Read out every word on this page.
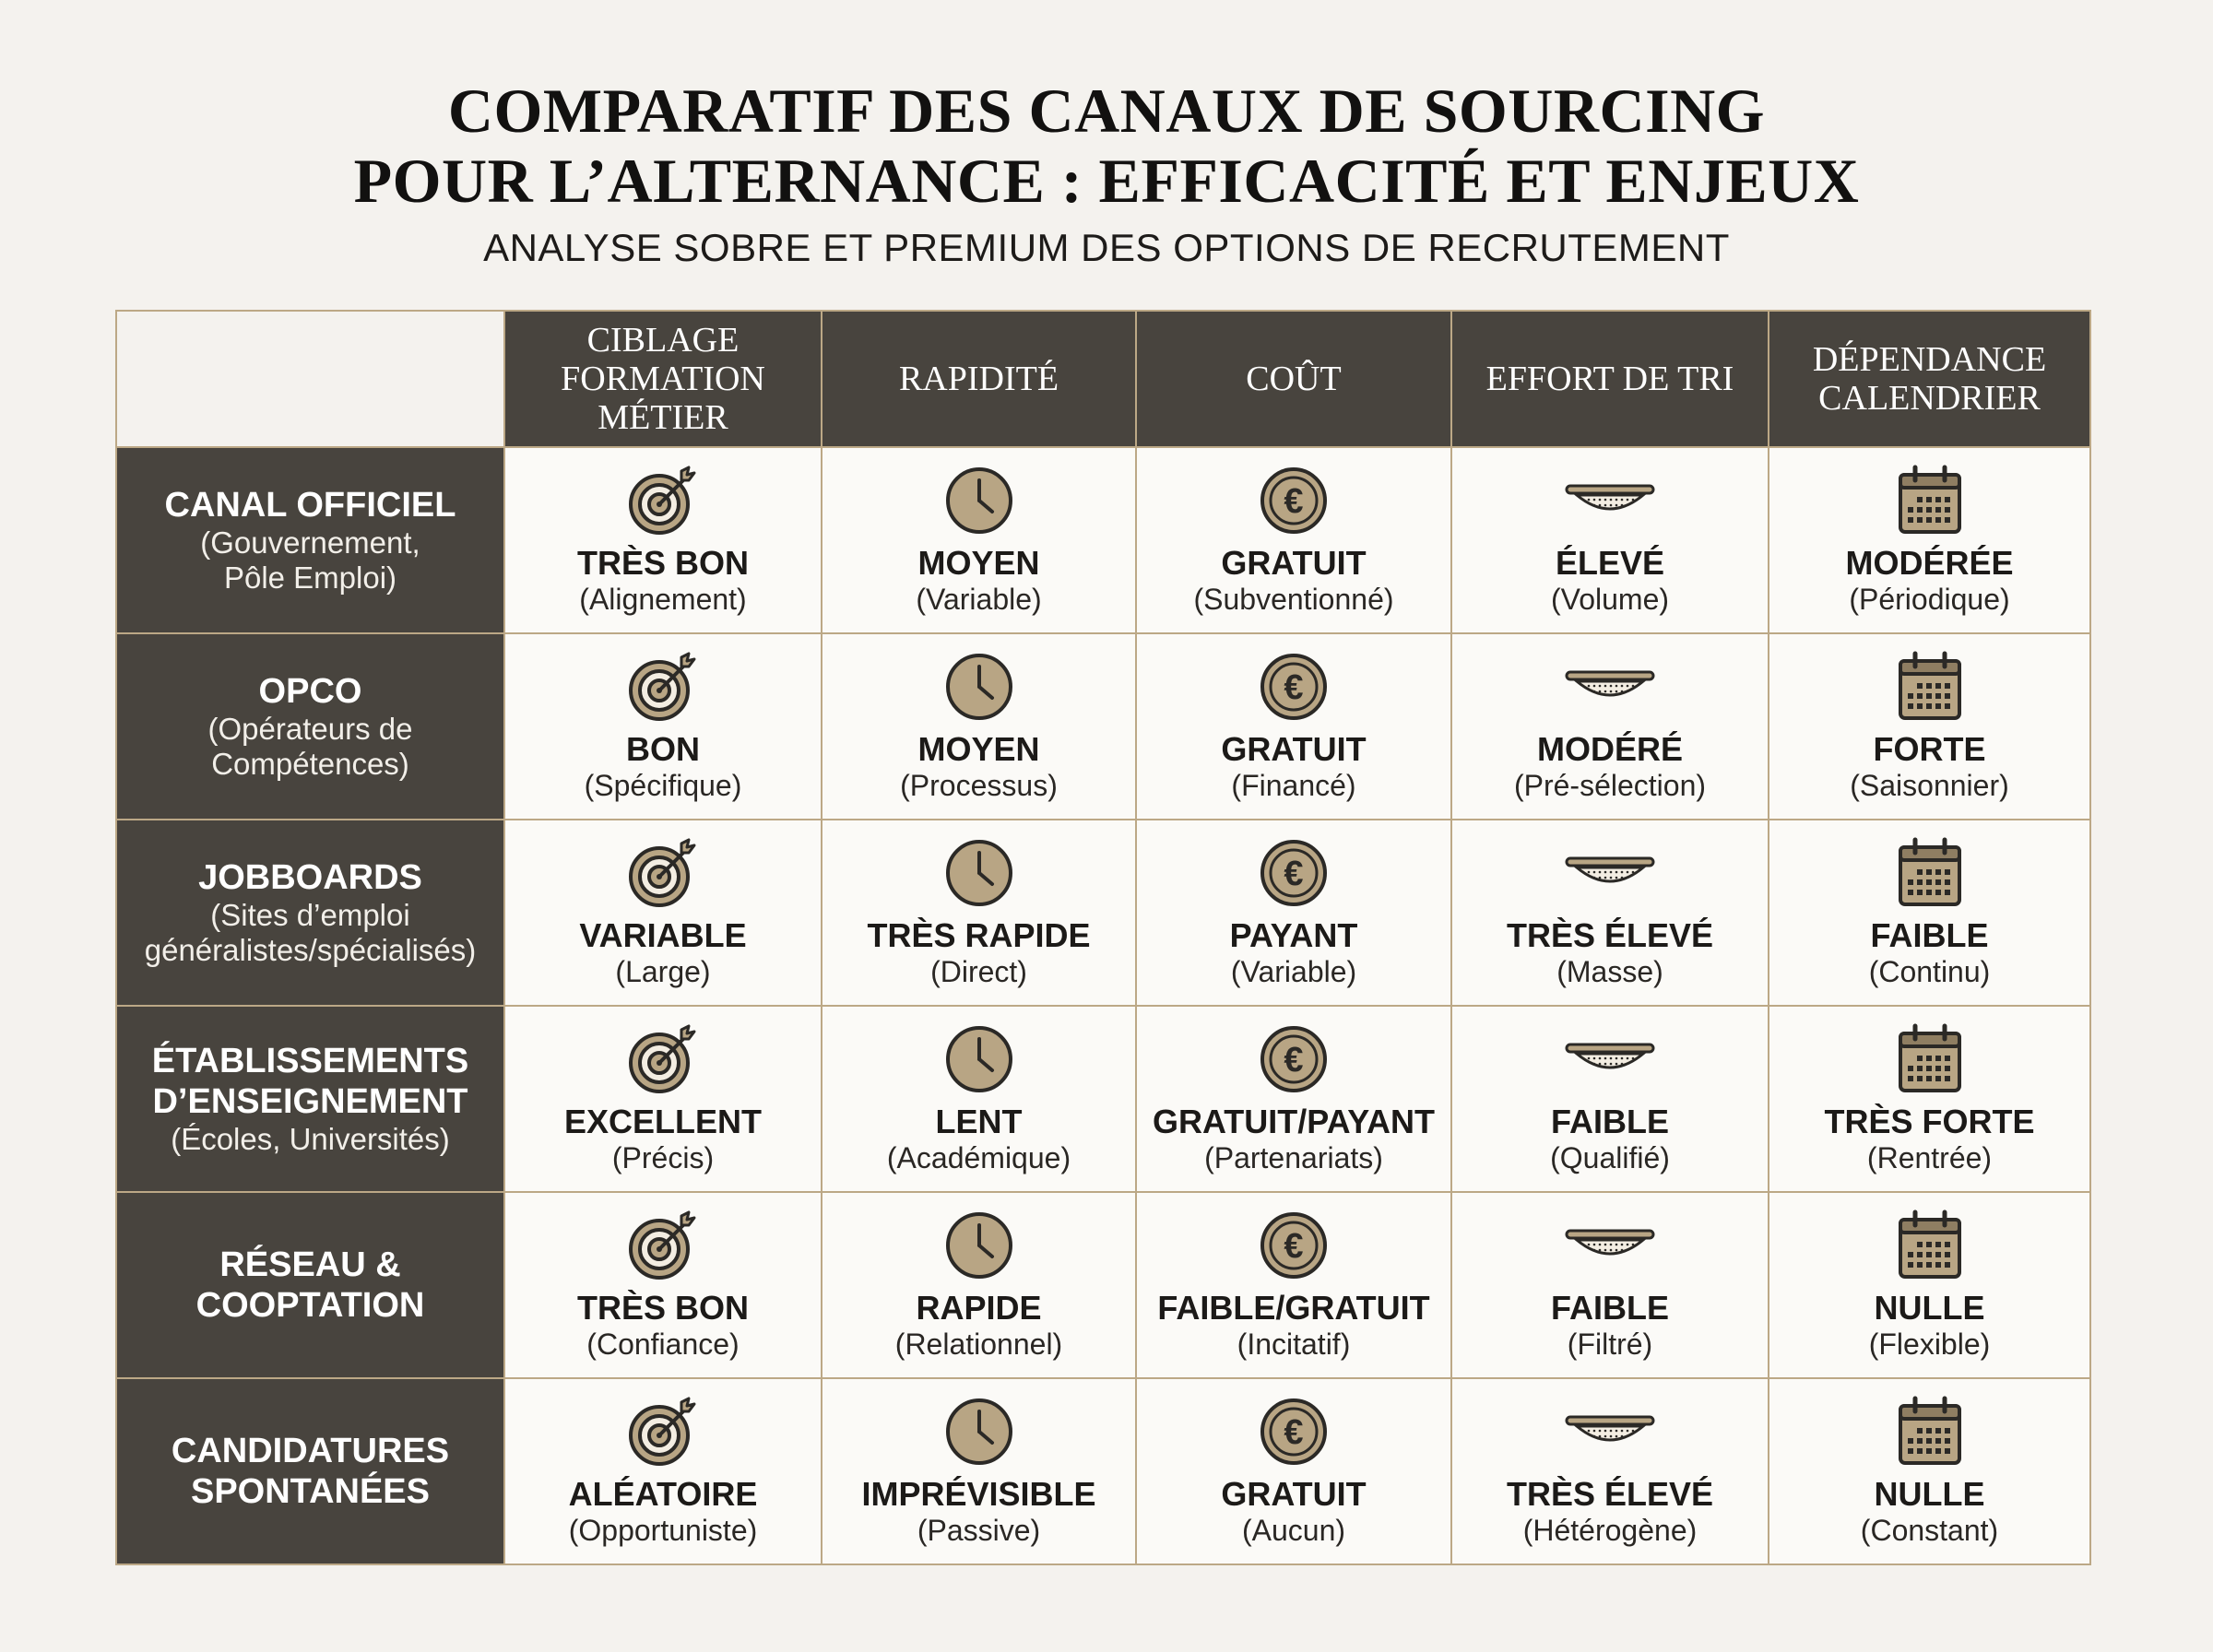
COMPARATIF DES CANAUX DE SOURCING
POUR L’ALTERNANCE : EFFICACITÉ ET ENJEUX
ANALYSE SOBRE ET PREMIUM DES OPTIONS DE RECRUTEMENT
	CIBLAGE
FORMATION
MÉTIER	RAPIDITÉ	COÛT	EFFORT DE TRI	DÉPENDANCE
CALENDRIER

CANAL OFFICIEL
(Gouvernement,
Pôle Emploi)	TRÈS BON
(Alignement)	MOYEN
(Variable)	€
GRATUIT
(Subventionné)	ÉLEVÉ
(Volume)	MODÉRÉE
(Périodique)

OPCO
(Opérateurs de
Compétences)	BON
(Spécifique)	MOYEN
(Processus)	€
GRATUIT
(Financé)	MODÉRÉ
(Pré-sélection)	FORTE
(Saisonnier)

JOBBOARDS
(Sites d’emploi
généralistes/spécialisés)	VARIABLE
(Large)	TRÈS RAPIDE
(Direct)	€
PAYANT
(Variable)	TRÈS ÉLEVÉ
(Masse)	FAIBLE
(Continu)

ÉTABLISSEMENTS
D’ENSEIGNEMENT
(Écoles, Universités)	EXCELLENT
(Précis)	LENT
(Académique)	€
GRATUIT/PAYANT
(Partenariats)	FAIBLE
(Qualifié)	TRÈS FORTE
(Rentrée)

RÉSEAU &
COOPTATION	TRÈS BON
(Confiance)	RAPIDE
(Relationnel)	€
FAIBLE/GRATUIT
(Incitatif)	FAIBLE
(Filtré)	NULLE
(Flexible)

CANDIDATURES
SPONTANÉES	ALÉATOIRE
(Opportuniste)	IMPRÉVISIBLE
(Passive)	€
GRATUIT
(Aucun)	TRÈS ÉLEVÉ
(Hétérogène)	NULLE
(Constant)
